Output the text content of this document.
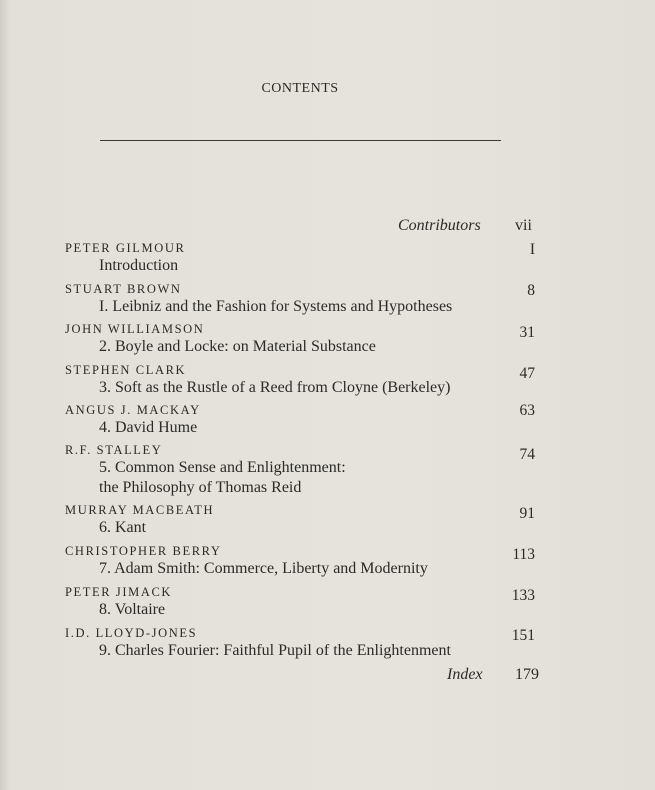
CONTENTS
Contributors vii
PETER GILMOUR	I
Introduction
STUART BROWN	8
I. Leibniz and the Fashion for Systems and Hypotheses
JOHN WILLIAMSON	31
2. Boyle and Locke: on Material Substance
STEPHEN CLARK	47
3. Soft as the Rustle of a Reed from Cloyne (Berkeley)
ANGUS J. MACKAY	63
4. David Hume
R.F. STALLEY	74
5. Common Sense and Enlightenment:
the Philosophy of Thomas Reid
MURRAY MACBEATH	91
6. Kant
CHRISTOPHER BERRY	113
7. Adam Smith: Commerce, Liberty and Modernity
PETER JIMACK	133
8. Voltaire
I.D. LLOYD-JONES	151
9. Charles Fourier: Faithful Pupil of the Enlightenment
Index 179
